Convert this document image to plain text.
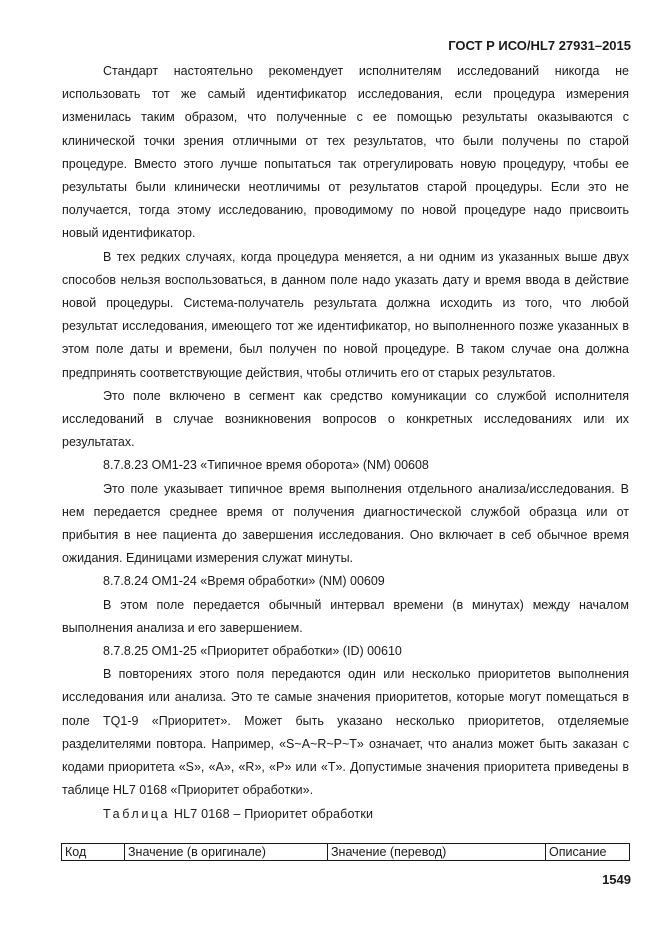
ГОСТ Р ИСО/HL7 27931–2015

Стандарт настоятельно рекомендует исполнителям исследований никогда не использовать тот же самый идентификатор исследования, если процедура измерения изменилась таким образом, что полученные с ее помощью результаты оказываются с клинической точки зрения отличными от тех результатов, что были получены по старой процедуре. Вместо этого лучше попытаться так отрегулировать новую процедуру, чтобы ее результаты были клинически неотличимы от результатов старой процедуры. Если это не получается, тогда этому исследованию, проводимому по новой процедуре надо присвоить новый идентификатор.

В тех редких случаях, когда процедура меняется, а ни одним из указанных выше двух способов нельзя воспользоваться, в данном поле надо указать дату и время ввода в действие новой процедуры. Система-получатель результата должна исходить из того, что любой результат исследования, имеющего тот же идентификатор, но выполненного позже указанных в этом поле даты и времени, был получен по новой процедуре. В таком случае она должна предпринять соответствующие действия, чтобы отличить его от старых результатов.

Это поле включено в сегмент как средство комуникации со службой исполнителя исследований в случае возникновения вопросов о конкретных исследованиях или их результатах.

8.7.8.23 OM1-23 «Типичное время оборота» (NM) 00608

Это поле указывает типичное время выполнения отдельного анализа/исследования. В нем передается среднее время от получения диагностической службой образца или от прибытия в нее пациента до завершения исследования. Оно включает в себ обычное время ожидания. Единицами измерения служат минуты.

8.7.8.24 OM1-24 «Время обработки» (NM) 00609

В этом поле передается обычный интервал времени (в минутах) между началом выполнения анализа и его завершением.

8.7.8.25 OM1-25 «Приоритет обработки» (ID) 00610

В повторениях этого поля передаются один или несколько приоритетов выполнения исследования или анализа. Это те самые значения приоритетов, которые могут помещаться в поле TQ1-9 «Приоритет». Может быть указано несколько приоритетов, отделяемые разделителями повтора. Например, «S~A~R~P~T» означает, что анализ может быть заказан с кодами приоритета «S», «A», «R», «P» или «T». Допустимые значения приоритета приведены в таблице HL7 0168 «Приоритет обработки».

Таблица HL7 0168 – Приоритет обработки

Код	Значение (в оригинале)	Значение (перевод)	Описание
1549
